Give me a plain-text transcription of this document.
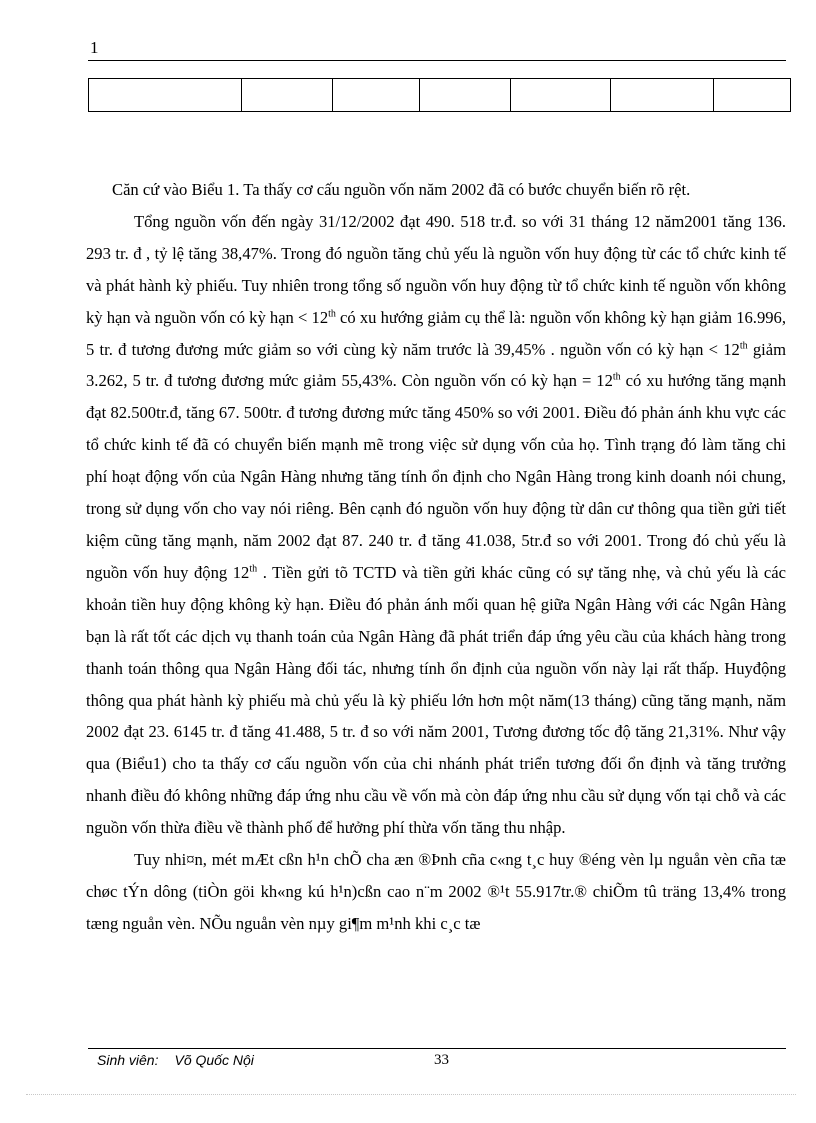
1

Căn cứ vào Biểu 1. Ta thấy cơ cấu nguồn vốn năm 2002 đã có bước chuyển biến rõ rệt.

Tổng nguồn vốn đến ngày 31/12/2002 đạt 490. 518 tr.đ. so với 31 tháng 12 năm2001 tăng 136. 293 tr. đ , tỷ lệ tăng 38,47%. Trong đó nguồn tăng chủ yếu là nguồn vốn huy động từ các tổ chức kinh tế và phát hành kỳ phiếu. Tuy nhiên trong tổng số nguồn vốn huy động từ tổ chức kinh tế nguồn vốn không kỳ hạn và nguồn vốn có kỳ hạn < 12th có xu hướng giảm cụ thể là: nguồn vốn không kỳ hạn giảm 16.996, 5 tr. đ tương đương mức giảm so với cùng kỳ năm trước là 39,45% . nguồn vốn có kỳ hạn < 12th giảm 3.262, 5 tr. đ tương đương mức giảm 55,43%. Còn nguồn vốn có kỳ hạn = 12th có xu hướng tăng mạnh đạt 82.500tr.đ, tăng 67. 500tr. đ tương đương mức tăng 450% so với 2001. Điều đó phản ánh khu vực các tổ chức kinh tế đã có chuyển biến mạnh mẽ trong việc sử dụng vốn của họ. Tình trạng đó làm tăng chi phí hoạt động vốn của Ngân Hàng nhưng tăng tính ổn định cho Ngân Hàng trong kinh doanh nói chung, trong sử dụng vốn cho vay nói riêng. Bên cạnh đó nguồn vốn huy động từ dân cư thông qua tiền gửi tiết kiệm cũng tăng mạnh, năm 2002 đạt 87. 240 tr. đ tăng 41.038, 5tr.đ so với 2001. Trong đó chủ yếu là nguồn vốn huy động 12th . Tiền gửi tõ TCTD và tiền gửi khác cũng có sự tăng nhẹ, và chủ yếu là các khoản tiền huy động không kỳ hạn. Điều đó phản ánh mối quan hệ giữa Ngân Hàng với các Ngân Hàng bạn là rất tốt các dịch vụ thanh toán của Ngân Hàng đã phát triển đáp ứng yêu cầu của khách hàng trong thanh toán thông qua Ngân Hàng đối tác, nhưng tính ổn định của nguồn vốn này lại rất thấp. Huyđộng thông qua phát hành kỳ phiếu mà chủ yếu là kỳ phiếu lớn hơn một năm(13 tháng) cũng tăng mạnh, năm 2002 đạt 23. 6145 tr. đ tăng 41.488, 5 tr. đ so với năm 2001, Tương đương tốc độ tăng 21,31%. Như vậy qua (Biểu1) cho ta thấy cơ cấu nguồn vốn của chi nhánh phát triển tương đối ổn định và tăng trưởng nhanh điều đó không những đáp ứng nhu cầu về vốn mà còn đáp ứng nhu cầu sử dụng vốn tại chỗ và các nguồn vốn thừa điều về thành phố để hưởng phí thừa vốn tăng thu nhập.

Tuy nhi¤n, mét mÆt cßn h¹n chÕ cha æn ®Þnh cña c«ng t¸c huy ®éng vèn lµ nguån vèn cña tæ chøc tÝn dông (tiÒn göi kh«ng kú h¹n)cßn cao n¨m 2002 ®¹t 55.917tr.® chiÕm tû träng 13,4% trong tæng nguån vèn. NÕu nguån vèn nµy gi¶m m¹nh khi c¸c tæ

Sinh viên: Võ Quốc Nội	33
